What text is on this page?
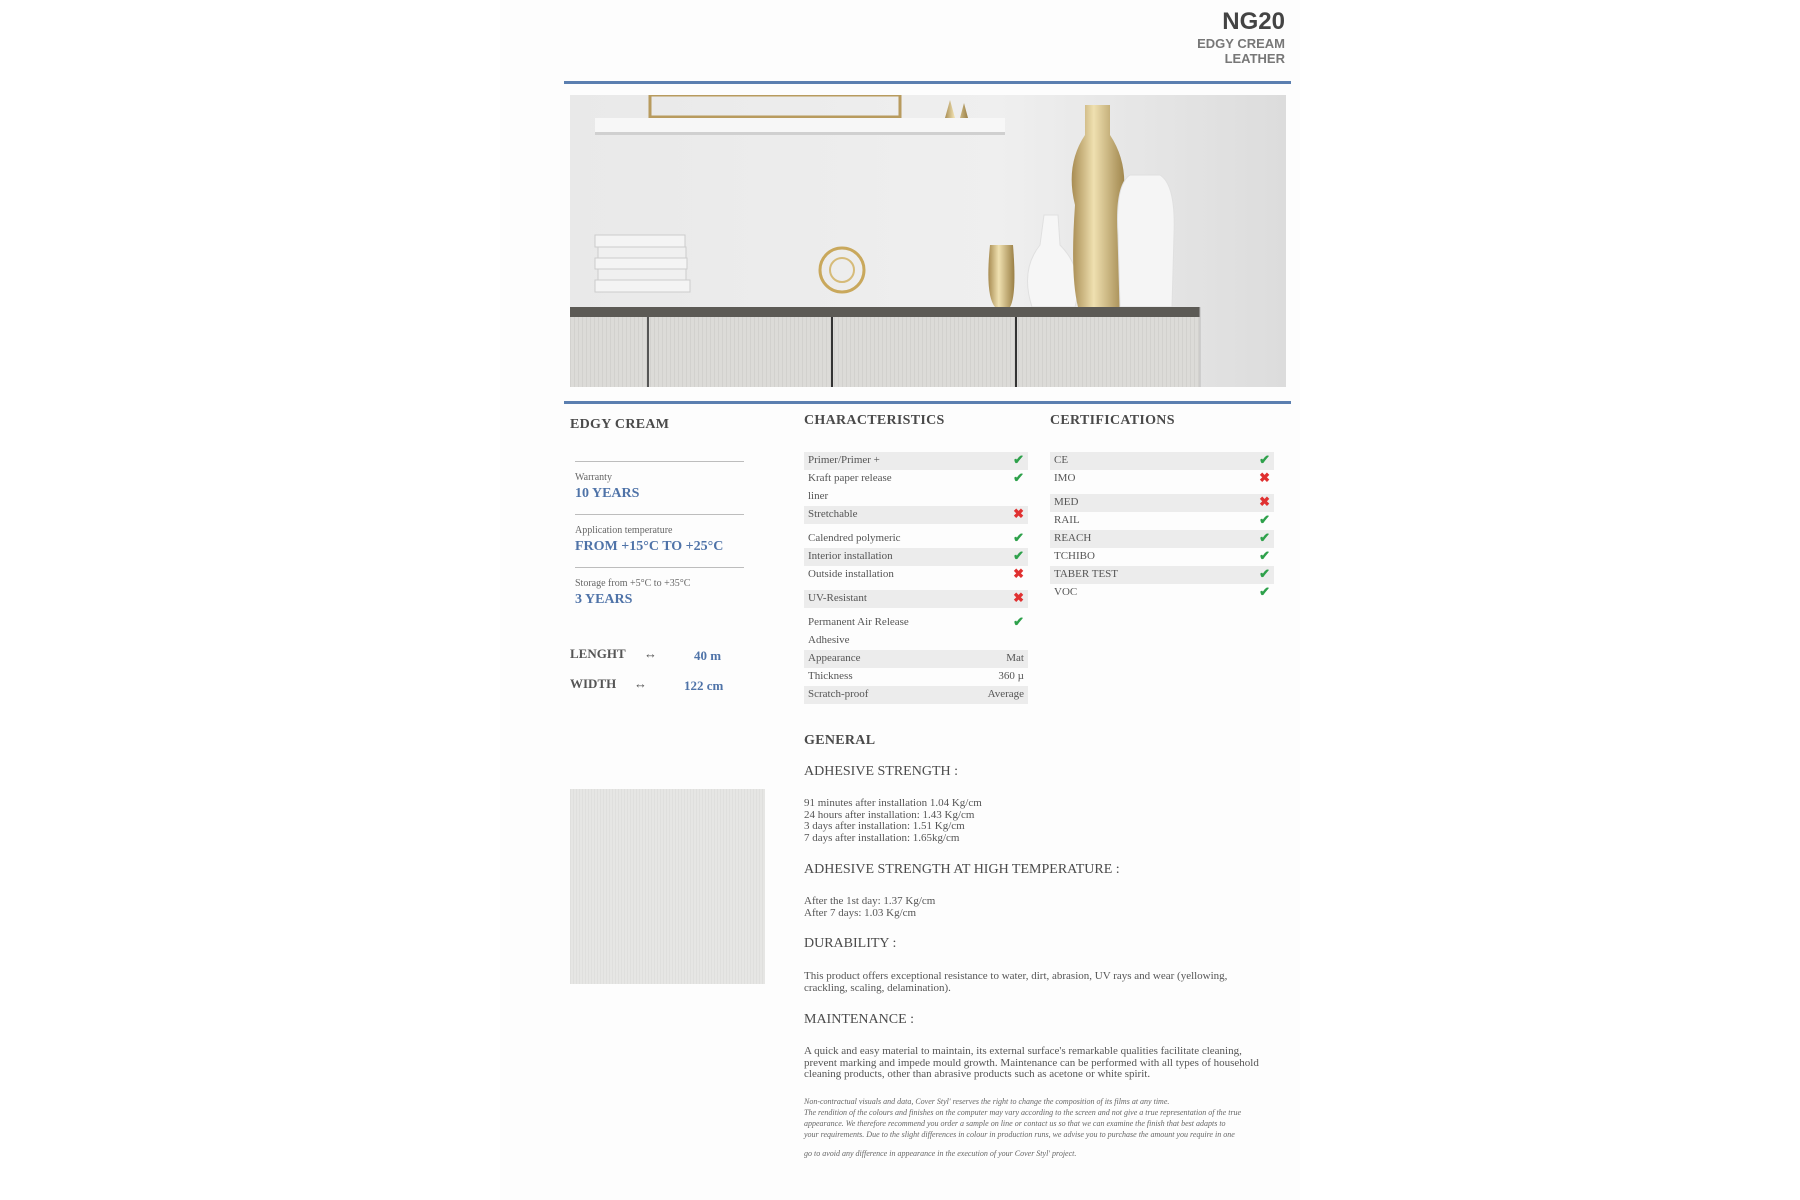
NG20
EDGY CREAM
LEATHER
EDGY CREAM
Warranty
10 YEARS
Application temperature
FROM +15°C TO +25°C
Storage from +5°C to +35°C
3 YEARS
LENGHT ↔	40 m
WIDTH ↔	122 cm
CHARACTERISTICS
Primer/Primer +	✔
Kraft paper release	✔
liner
Stretchable	✖
Calendred polymeric	✔
Interior installation	✔
Outside installation	✖
UV-Resistant	✖
Permanent Air Release	✔
Adhesive
Appearance	Mat
Thickness	360 µ
Scratch-proof	Average
CERTIFICATIONS
CE	✔
IMO	✖
MED	✖
RAIL	✔
REACH	✔
TCHIBO	✔
TABER TEST	✔
VOC	✔
GENERAL
ADHESIVE STRENGTH :
91 minutes after installation 1.04 Kg/cm
24 hours after installation: 1.43 Kg/cm
3 days after installation: 1.51 Kg/cm
7 days after installation: 1.65kg/cm
ADHESIVE STRENGTH AT HIGH TEMPERATURE :
After the 1st day: 1.37 Kg/cm
After 7 days: 1.03 Kg/cm
DURABILITY :
This product offers exceptional resistance to water, dirt, abrasion, UV rays and wear (yellowing,
crackling, scaling, delamination).
MAINTENANCE :
A quick and easy material to maintain, its external surface's remarkable qualities facilitate cleaning,
prevent marking and impede mould growth. Maintenance can be performed with all types of household
cleaning products, other than abrasive products such as acetone or white spirit.
Non-contractual visuals and data, Cover Styl' reserves the right to change the composition of its films at any time.
The rendition of the colours and finishes on the computer may vary according to the screen and not give a true representation of the true
appearance. We therefore recommend you order a sample on line or contact us so that we can examine the finish that best adapts to
your requirements. Due to the slight differences in colour in production runs, we advise you to purchase the amount you require in one
go to avoid any difference in appearance in the execution of your Cover Styl' project.
